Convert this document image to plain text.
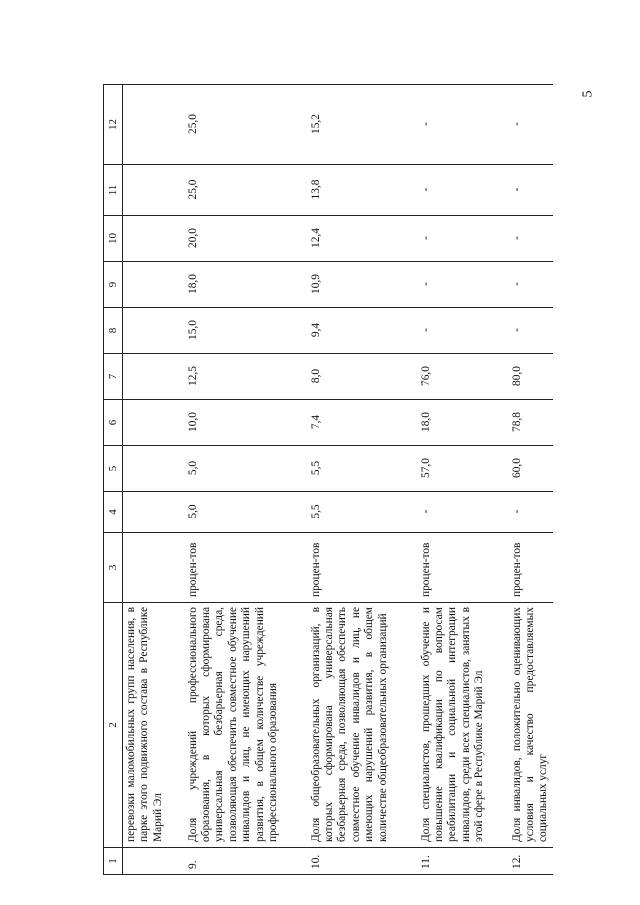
5
1	2	3	4	5	6	7	8	9	10	11	12
	перевозки маломобильных групп населения, в парке этого подвижного состава в Республике Марий Эл										
9.	Доля учреждений профессионального образования, в которых сформирована универсальная безбарьерная среда, позволяющая обеспечить совместное обучение инвалидов и лиц, не имеющих нарушений развития, в общем количестве учреждений профессионального образования	процен-тов	5,0	5,0	10,0	12,5	15,0	18,0	20,0	25,0	25,0
10.	Доля общеобразовательных организаций, в которых сформирована универсальная безбарьерная среда, позволяющая обеспечить совместное обучение инвалидов и лиц, не имеющих нарушений развития, в общем количестве общеобразовательных организаций	процен-тов	5,5	5,5	7,4	8,0	9,4	10,9	12,4	13,8	15,2
11.	Доля специалистов, прошедших обучение и повышение квалификации по вопросам реабилитации и социальной интеграции инвалидов, среди всех специалистов, занятых в этой сфере в Республике Марий Эл	процен-тов	-	57,0	18,0	76,0	-	-	-	-	-
12.	Доля инвалидов, положительно оценивающих условия и качество предоставляемых социальных услуг	процен-тов	-	60,0	78,8	80,0	-	-	-	-	-
